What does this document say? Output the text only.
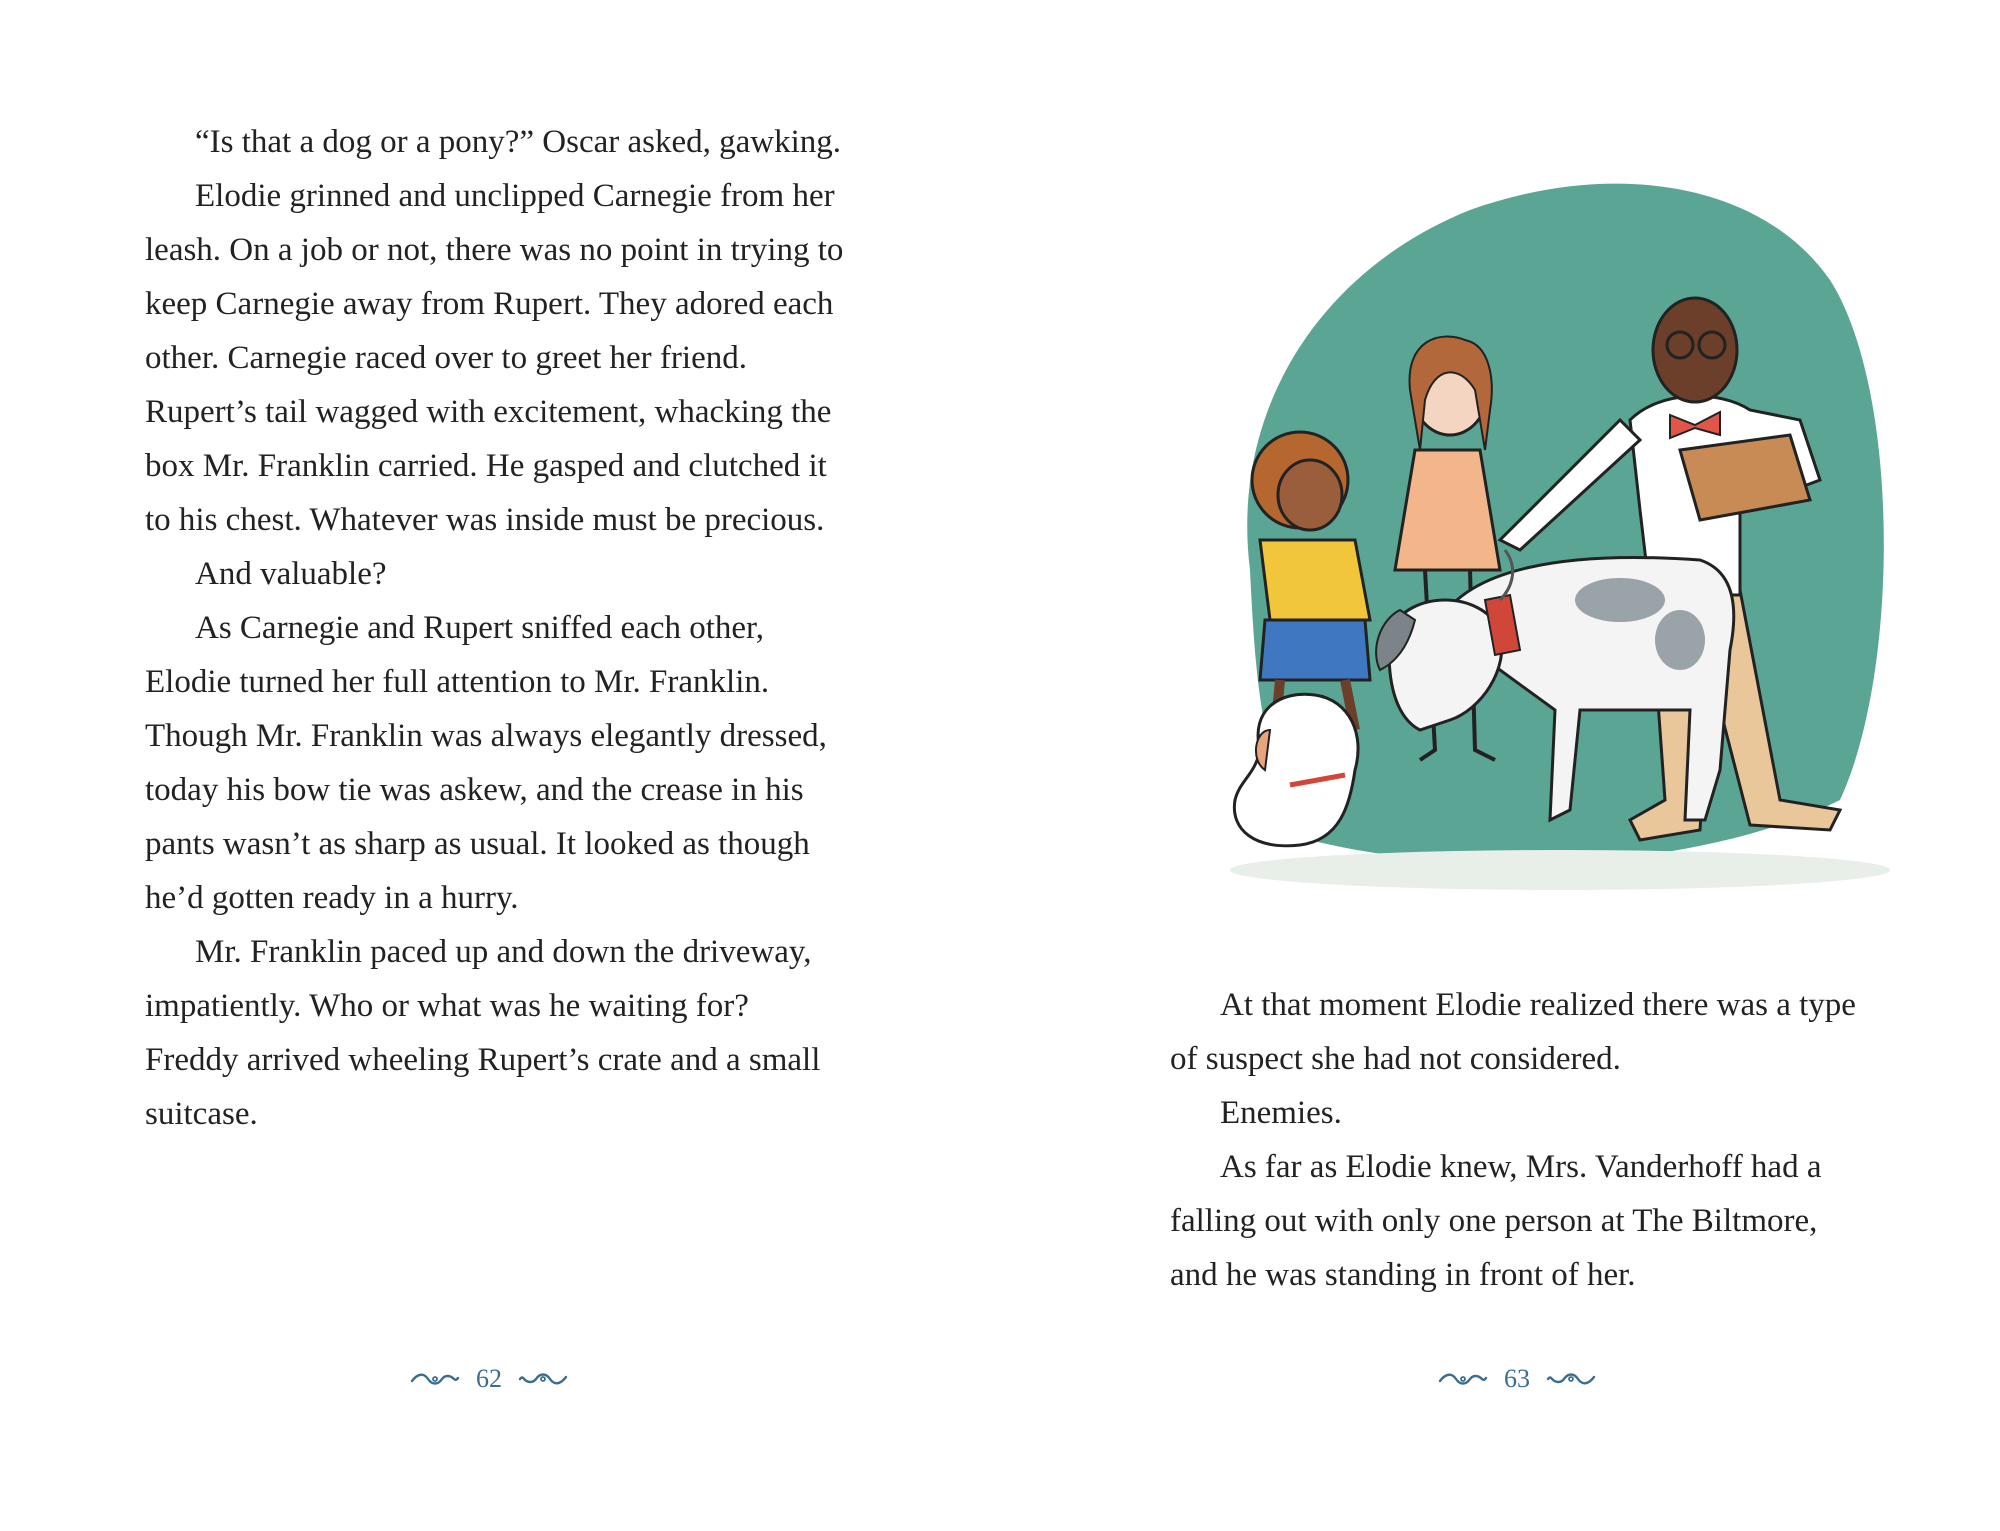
“Is that a dog or a pony?” Oscar asked, gawking.

Elodie grinned and unclipped Carnegie from her leash. On a job or not, there was no point in trying to keep Carnegie away from Rupert. They adored each other. Carnegie raced over to greet her friend. Rupert’s tail wagged with excitement, whacking the box Mr. Franklin carried. He gasped and clutched it to his chest. Whatever was inside must be precious.

And valuable?

As Carnegie and Rupert sniffed each other, Elodie turned her full attention to Mr. Franklin. Though Mr. Franklin was always elegantly dressed, today his bow tie was askew, and the crease in his pants wasn’t as sharp as usual. It looked as though he’d gotten ready in a hurry.

Mr. Franklin paced up and down the driveway, impatiently. Who or what was he waiting for? Freddy arrived wheeling Rupert’s crate and a small suitcase.

62

At that moment Elodie realized there was a type of suspect she had not considered.

Enemies.

As far as Elodie knew, Mrs. Vanderhoff had a falling out with only one person at The Biltmore, and he was standing in front of her.

63
